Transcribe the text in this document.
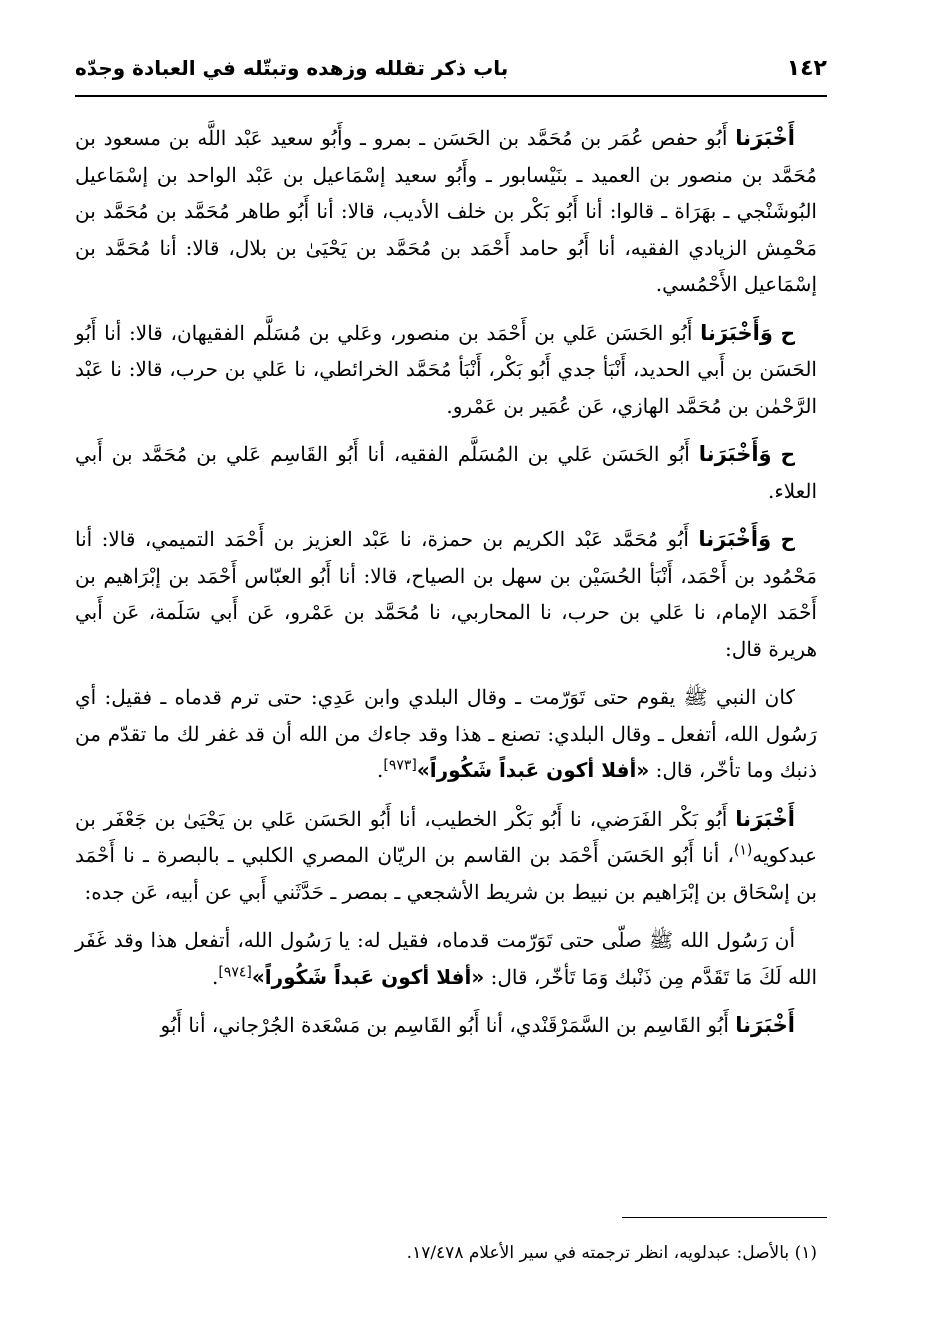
١٤٢
باب ذكر تقلله وزهده وتبتّله في العبادة وجدّه

أَخْبَرَنا أَبُو حفص عُمَر بن مُحَمَّد بن الحَسَن ـ بمرو ـ وأَبُو سعيد عَبْد اللَّه بن مسعود بن مُحَمَّد بن منصور بن العميد ـ بنَيْسابور ـ وأَبُو سعيد إسْمَاعيل بن عَبْد الواحد بن إسْمَاعيل البُوشَنْجي ـ بهَرَاة ـ قالوا: أنا أَبُو بَكْر بن خلف الأديب، قالا: أنا أَبُو طاهر مُحَمَّد بن مُحَمَّد بن مَحْمِش الزيادي الفقيه، أنا أَبُو حامد أَحْمَد بن مُحَمَّد بن يَحْيَىٰ بن بلال، قالا: أنا مُحَمَّد بن إسْمَاعيل الأَحْمُسي.

ح وَأَخْبَرَنا أَبُو الحَسَن عَلي بن أَحْمَد بن منصور، وعَلي بن مُسَلَّم الفقيهان، قالا: أنا أَبُو الحَسَن بن أَبي الحديد، أَنْبَأ جدي أَبُو بَكْر، أَنْبَأ مُحَمَّد الخرائطي، نا عَلي بن حرب، قالا: نا عَبْد الرَّحْمٰن بن مُحَمَّد الهازي، عَن عُمَير بن عَمْرو.

ح وَأَخْبَرَنا أَبُو الحَسَن عَلي بن المُسَلَّم الفقيه، أنا أَبُو القَاسِم عَلي بن مُحَمَّد بن أَبي العلاء.

ح وَأَخْبَرَنا أَبُو مُحَمَّد عَبْد الكريم بن حمزة، نا عَبْد العزيز بن أَحْمَد التميمي، قالا: أنا مَحْمُود بن أَحْمَد، أَنْبَأ الحُسَيْن بن سهل بن الصياح، قالا: أنا أَبُو العبّاس أَحْمَد بن إبْرَاهيم بن أَحْمَد الإمام، نا عَلي بن حرب، نا المحاربي، نا مُحَمَّد بن عَمْرو، عَن أَبي سَلَمة، عَن أَبي هريرة قال:

كان النبي ﷺ يقوم حتى تَوَرّمت ـ وقال البلدي وابن عَدِي: حتى ترم قدماه ـ فقيل: أي رَسُول الله، أتفعل ـ وقال البلدي: تصنع ـ هذا وقد جاءك من الله أن قد غفر لك ما تقدّم من ذنبك وما تأخّر، قال: «أفلا أكون عَبداً شَكُوراً»[٩٧٣].

أَخْبَرَنا أَبُو بَكْر الفَرَضي، نا أَبُو بَكْر الخطيب، أنا أَبُو الحَسَن عَلي بن يَحْيَىٰ بن جَعْفَر بن عبدكويه$^{(١)}$، أنا أَبُو الحَسَن أَحْمَد بن القاسم بن الريّان المصري الكلبي ـ بالبصرة ـ نا أَحْمَد بن إسْحَاق بن إبْرَاهيم بن نبيط بن شريط الأشجعي ـ بمصر ـ حَدَّثَني أَبي عن أبيه، عَن جده:

أن رَسُول الله ﷺ صلّى حتى تَوَرّمت قدماه، فقيل له: يا رَسُول الله، أتفعل هذا وقد غَفَر الله لَكَ مَا تَقَدَّم مِن ذَنْبك وَمَا تَأخّر، قال: «أفلا أكون عَبداً شَكُوراً»[٩٧٤].

أَخْبَرَنا أَبُو القَاسِم بن السَّمَرْقَنْدي، أنا أَبُو القَاسِم بن مَسْعَدة الجُرْجاني، أنا أَبُو

(١) بالأصل: عبدلويه، انظر ترجمته في سير الأعلام ١٧/٤٧٨.
